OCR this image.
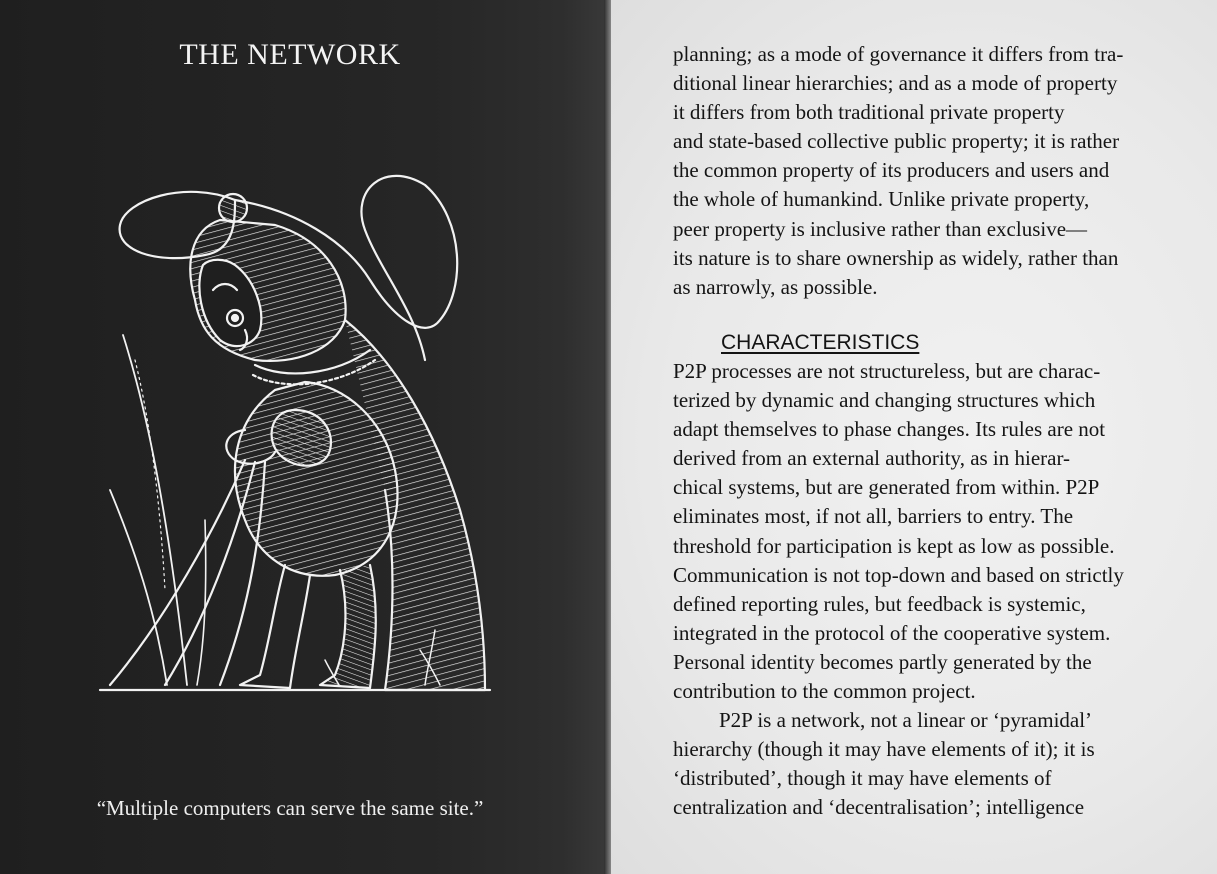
THE NETWORK
“Multiple computers can serve the same site.”
planning; as a mode of governance it differs from tra-
ditional linear hierarchies; and as a mode of property
it differs from both traditional private property
and state-based collective public property; it is rather
the common property of its producers and users and
the whole of humankind. Unlike private property,
peer property is inclusive rather than exclusive—
its nature is to share ownership as widely, rather than
as narrowly, as possible.
CHARACTERISTICS
P2P processes are not structureless, but are charac-
terized by dynamic and changing structures which
adapt themselves to phase changes. Its rules are not
derived from an external authority, as in hierar-
chical systems, but are generated from within. P2P
eliminates most, if not all, barriers to entry. The
threshold for participation is kept as low as possible.
Communication is not top-down and based on strictly
defined reporting rules, but feedback is systemic,
integrated in the protocol of the cooperative system.
Personal identity becomes partly generated by the
contribution to the common project.
P2P is a network, not a linear or ‘pyramidal’
hierarchy (though it may have elements of it); it is
‘distributed’, though it may have elements of
centralization and ‘decentralisation’; intelligence
